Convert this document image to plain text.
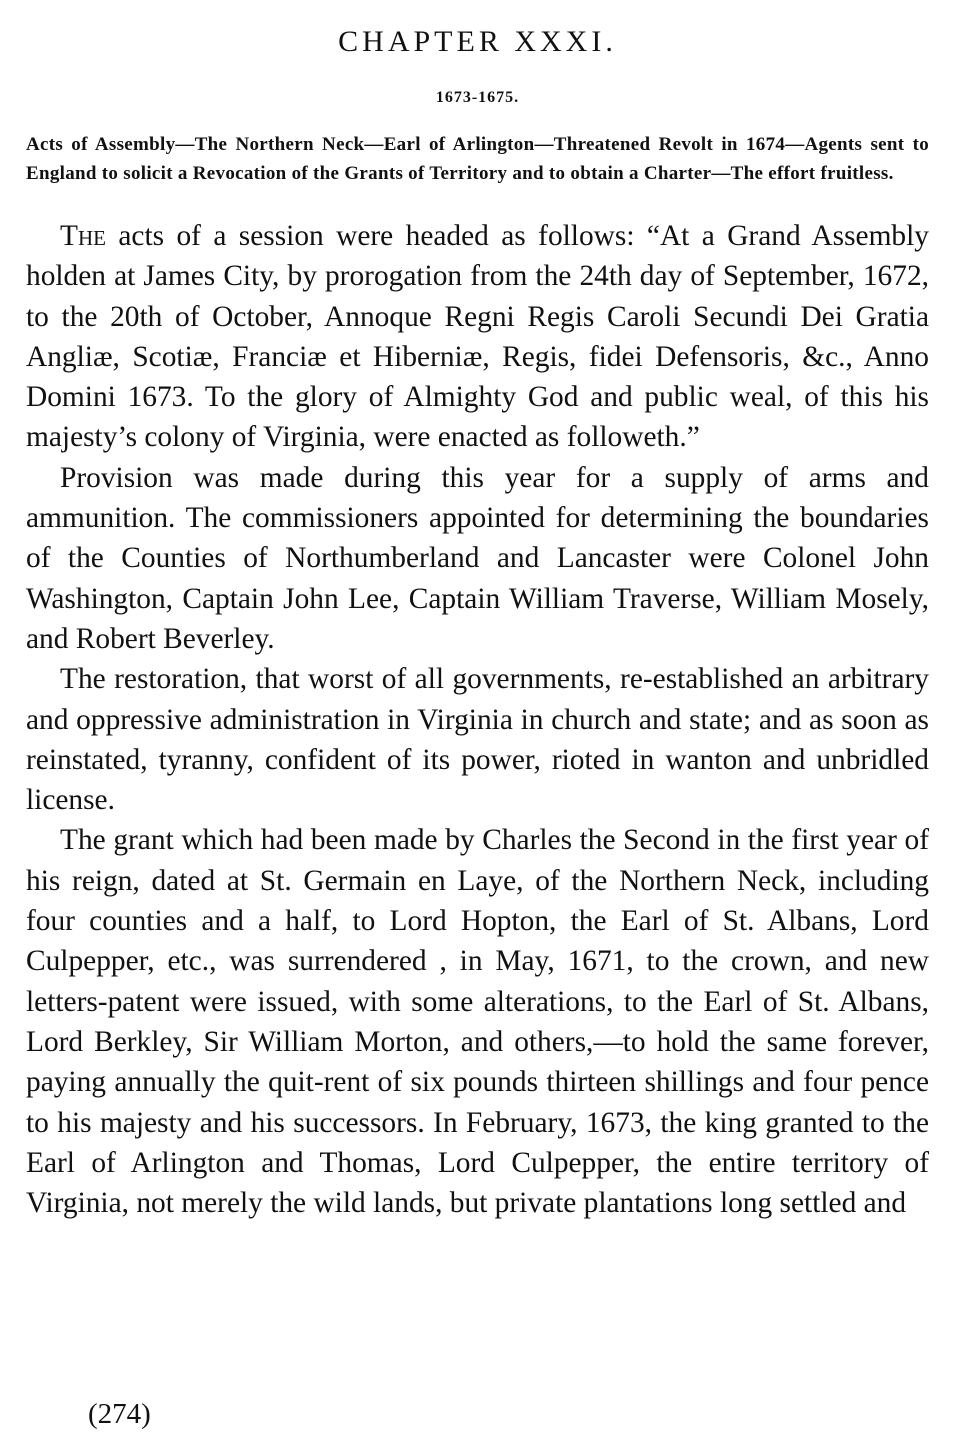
CHAPTER XXXI.
1673-1675.
Acts of Assembly—The Northern Neck—Earl of Arlington—Threatened Revolt in 1674—Agents sent to England to solicit a Revocation of the Grants of Territory and to obtain a Charter—The effort fruitless.

The acts of a session were headed as follows: “At a Grand Assembly holden at James City, by prorogation from the 24th day of September, 1672, to the 20th of October, Annoque Regni Regis Caroli Secundi Dei Gratia Angliæ, Scotiæ, Franciæ et Hiberniæ, Regis, fidei Defensoris, &c., Anno Domini 1673. To the glory of Almighty God and public weal, of this his majesty’s colony of Virginia, were enacted as followeth.”

Provision was made during this year for a supply of arms and ammunition. The commissioners appointed for determining the boundaries of the Counties of Northumberland and Lancaster were Colonel John Washington, Captain John Lee, Captain William Traverse, William Mosely, and Robert Beverley.

The restoration, that worst of all governments, re-established an arbitrary and oppressive administration in Virginia in church and state; and as soon as reinstated, tyranny, confident of its power, rioted in wanton and unbridled license.

The grant which had been made by Charles the Second in the first year of his reign, dated at St. Germain en Laye, of the Northern Neck, including four counties and a half, to Lord Hopton, the Earl of St. Albans, Lord Culpepper, etc., was surrendered , in May, 1671, to the crown, and new letters-patent were issued, with some alterations, to the Earl of St. Albans, Lord Berkley, Sir William Morton, and others,—to hold the same forever, paying annually the quit-rent of six pounds thirteen shillings and four pence to his majesty and his successors. In February, 1673, the king granted to the Earl of Arlington and Thomas, Lord Culpepper, the entire territory of Virginia, not merely the wild lands, but private plantations long settled and

(274)
